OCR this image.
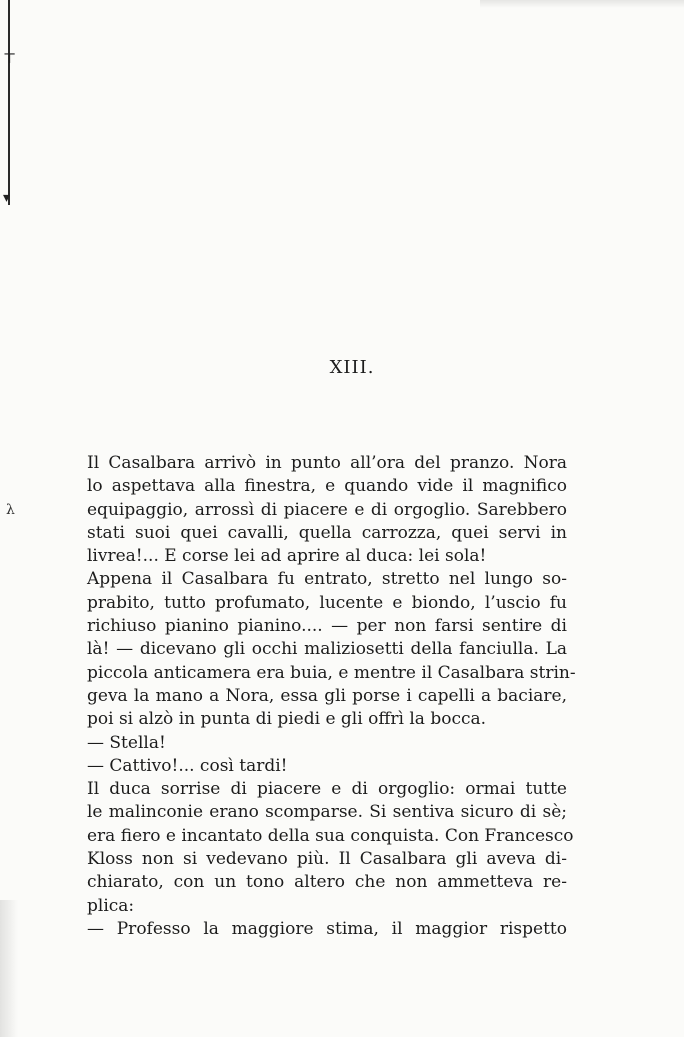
⊤
▾
λ
XIII.
Il Casalbara arrivò in punto all’ora del pranzo. Nora
lo aspettava alla finestra, e quando vide il magnifico
equipaggio, arrossì di piacere e di orgoglio. Sarebbero
stati suoi quei cavalli, quella carrozza, quei servi in
livrea!... E corse lei ad aprire al duca: lei sola!
Appena il Casalbara fu entrato, stretto nel lungo so-
prabito, tutto profumato, lucente e biondo, l’uscio fu
richiuso pianino pianino.... — per non farsi sentire di
là! — dicevano gli occhi maliziosetti della fanciulla. La
piccola anticamera era buia, e mentre il Casalbara strin-
geva la mano a Nora, essa gli porse i capelli a baciare,
poi si alzò in punta di piedi e gli offrì la bocca.
— Stella!
— Cattivo!... così tardi!
Il duca sorrise di piacere e di orgoglio: ormai tutte
le malinconie erano scomparse. Si sentiva sicuro di sè;
era fiero e incantato della sua conquista. Con Francesco
Kloss non si vedevano più. Il Casalbara gli aveva di-
chiarato, con un tono altero che non ammetteva re-
plica:
— Professo la maggiore stima, il maggior rispetto
